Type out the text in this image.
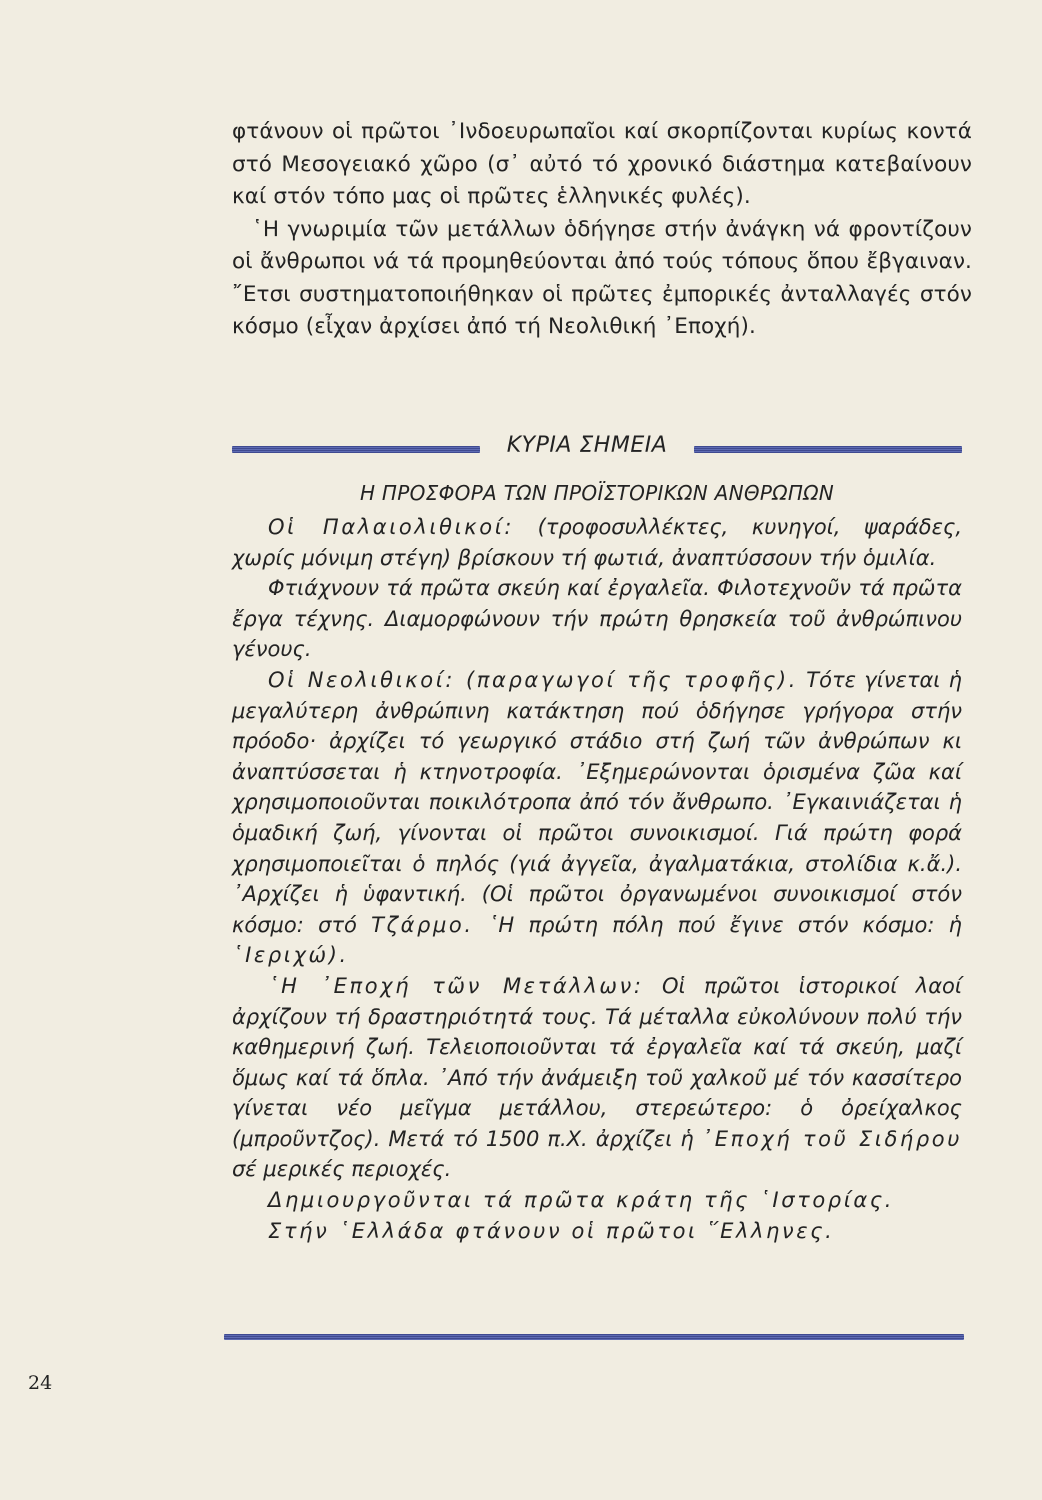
φτάνουν οἱ πρῶτοι ᾿Ινδοευρωπαῖοι καί σκορπίζονται κυρίως κοντά στό Μεσογειακό χῶρο (σ᾿ αὐτό τό χρονικό διάστημα κατεβαίνουν καί στόν τόπο μας οἱ πρῶτες ἑλληνικές φυλές).

῾Η γνωριμία τῶν μετάλλων ὁδήγησε στήν ἀνάγκη νά φροντίζουν οἱ ἄνθρωποι νά τά προμηθεύονται ἀπό τούς τόπους ὅπου ἔβγαιναν. ῎Ετσι συστηματοποιήθηκαν οἱ πρῶτες ἐμπορικές ἀνταλλαγές στόν κόσμο (εἶχαν ἀρχίσει ἀπό τή Νεολιθική ᾿Εποχή).

ΚΥΡΙΑ ΣΗΜΕΙΑ
Η ΠΡΟΣΦΟΡΑ ΤΩΝ ΠΡΟΪΣΤΟΡΙΚΩΝ ΑΝΘΡΩΠΩΝ

Οἱ Παλαιολιθικοί: (τροφοσυλλέκτες, κυνηγοί, ψαράδες, χωρίς μόνιμη στέγη) βρίσκουν τή φωτιά, ἀναπτύσσουν τήν ὁμιλία.

Φτιάχνουν τά πρῶτα σκεύη καί ἐργαλεῖα. Φιλοτεχνοῦν τά πρῶτα ἔργα τέχνης. Διαμορφώνουν τήν πρώτη θρησκεία τοῦ ἀνθρώπινου γένους.

Οἱ Νεολιθικοί: (παραγωγοί τῆς τροφῆς). Τότε γίνεται ἡ μεγαλύτερη ἀνθρώπινη κατάκτηση πού ὁδήγησε γρήγορα στήν πρόοδο· ἀρχίζει τό γεωργικό στάδιο στή ζωή τῶν ἀνθρώπων κι ἀναπτύσσεται ἡ κτηνοτροφία. ᾿Εξημερώνονται ὁρισμένα ζῶα καί χρησιμοποιοῦνται ποικιλότροπα ἀπό τόν ἄνθρωπο. ᾿Εγκαινιάζεται ἡ ὁμαδική ζωή, γίνονται οἱ πρῶτοι συνοικισμοί. Γιά πρώτη φορά χρησιμοποιεῖται ὁ πηλός (γιά ἀγγεῖα, ἀγαλματάκια, στολίδια κ.ἄ.). ᾿Αρχίζει ἡ ὑφαντική. (Οἱ πρῶτοι ὀργανωμένοι συνοικισμοί στόν κόσμο: στό Τζάρμο. ῾Η πρώτη πόλη πού ἔγινε στόν κόσμο: ἡ ῾Ιεριχώ).

῾Η ᾿Εποχή τῶν Μετάλλων: Οἱ πρῶτοι ἱστορικοί λαοί ἀρχίζουν τή δραστηριότητά τους. Τά μέταλλα εὐκολύνουν πολύ τήν καθημερινή ζωή. Τελειοποιοῦνται τά ἐργαλεῖα καί τά σκεύη, μαζί ὅμως καί τά ὅπλα. ᾿Από τήν ἀνάμειξη τοῦ χαλκοῦ μέ τόν κασσίτερο γίνεται νέο μεῖγμα μετάλλου, στερεώτερο: ὁ ὀρείχαλκος (μπροῦντζος). Μετά τό 1500 π.Χ. ἀρχίζει ἡ ᾿Εποχή τοῦ Σιδήρου σέ μερικές περιοχές.

Δημιουργοῦνται τά πρῶτα κράτη τῆς ῾Ιστορίας.

Στήν ῾Ελλάδα φτάνουν οἱ πρῶτοι ῞Ελληνες.

24
